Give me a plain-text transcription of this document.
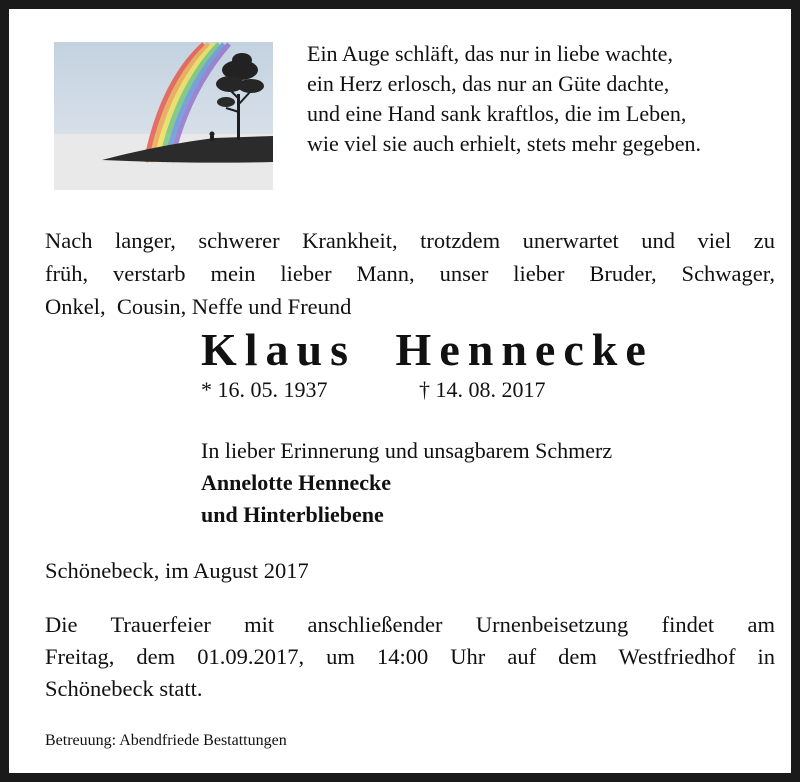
Ein Auge schläft, das nur in liebe wachte,
ein Herz erlosch, das nur an Güte dachte,
und eine Hand sank kraftlos, die im Leben,
wie viel sie auch erhielt, stets mehr gegeben.
Nach langer, schwerer Krankheit, trotzdem unerwartet und viel zu
früh, verstarb mein lieber Mann, unser lieber Bruder, Schwager,
Onkel,  Cousin, Neffe und Freund
Klaus Hennecke
* 16. 05. 1937	† 14. 08. 2017
In lieber Erinnerung und unsagbarem Schmerz
Annelotte Hennecke
und Hinterbliebene
Schönebeck, im August 2017
Die Trauerfeier mit anschließender Urnenbeisetzung findet am
Freitag, dem 01.09.2017, um 14:00 Uhr auf dem Westfriedhof in
Schönebeck statt.
Betreuung: Abendfriede Bestattungen
